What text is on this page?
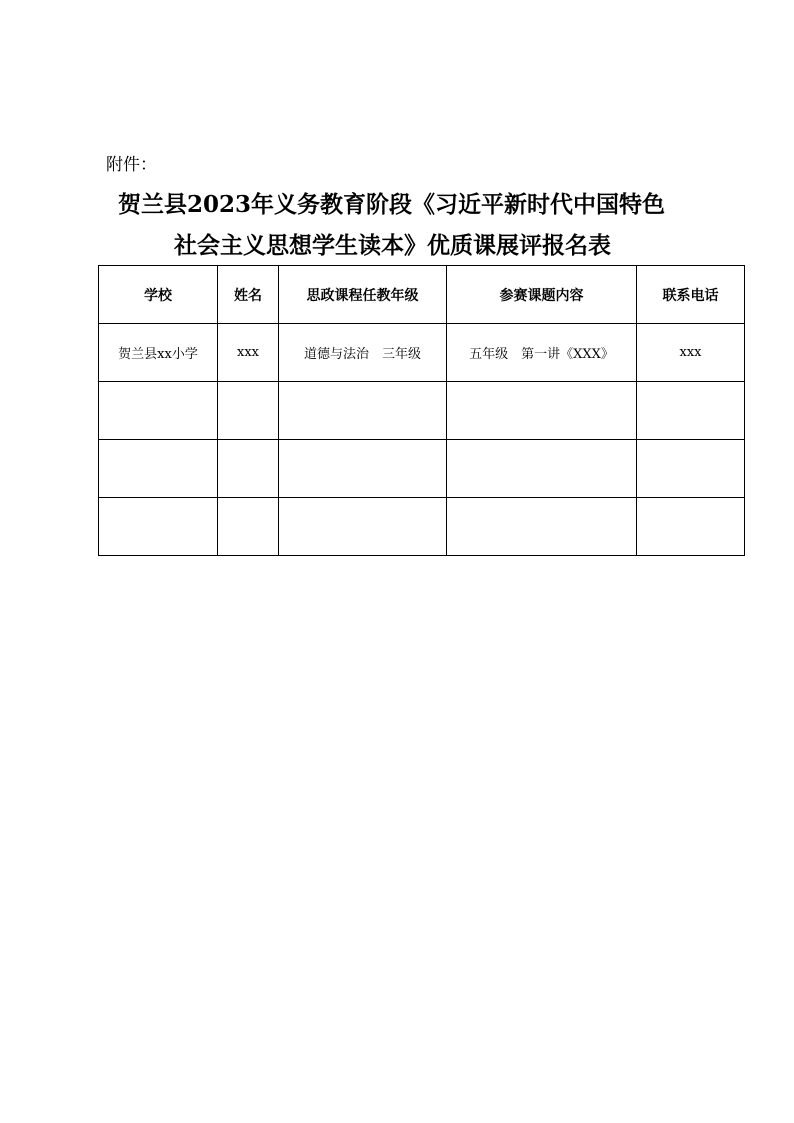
附件：
贺兰县2023年义务教育阶段《习近平新时代中国特色
社会主义思想学生读本》优质课展评报名表
学校	姓名	思政课程任教年级	参赛课题内容	联系电话
贺兰县xx小学	xxx	道德与法治　三年级	五年级　第一讲《XXX》	xxx
